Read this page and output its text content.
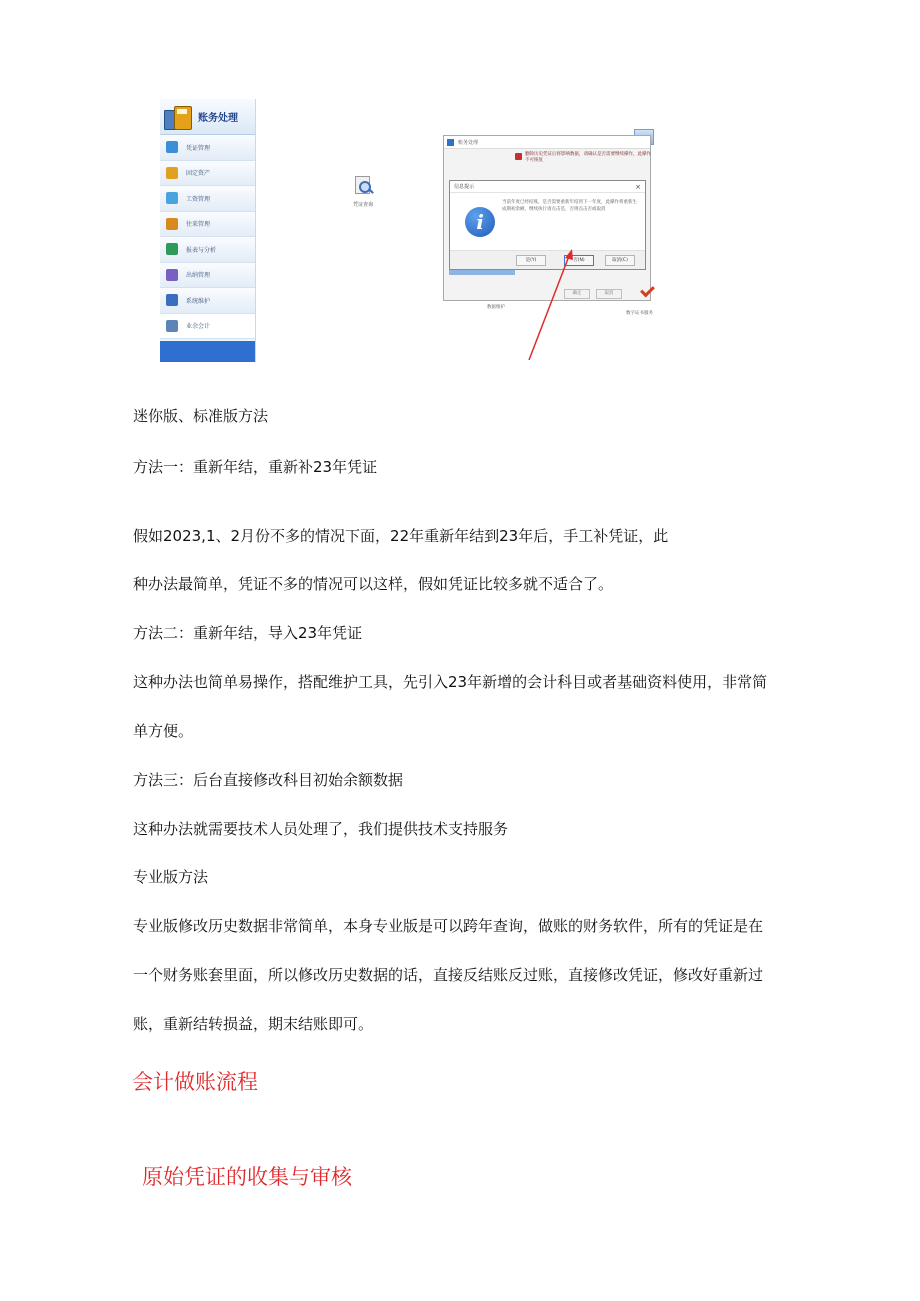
账务处理
凭证管理
固定资产
工资管理
往来管理
报表与分析
出纳管理
系统维护
业余会计
凭证查询
账务处理
删除历史凭证后将影响数据，请确认是否需要继续操作，此操作不可恢复
信息提示	×
i
当前年度已经结账，是否需要重新年结到下一年度，此操作将重新生成期初余额，继续执行请点击是，否则点击否或取消
是(Y)	否(N)	取消(C)
确定	取消
数据维护
数字证书服务
迷你版、标准版方法
方法一：重新年结，重新补23年凭证
假如2023,1、2月份不多的情况下面，22年重新年结到23年后，手工补凭证，此
种办法最简单，凭证不多的情况可以这样，假如凭证比较多就不适合了。
方法二：重新年结，导入23年凭证
这种办法也简单易操作，搭配维护工具，先引入23年新增的会计科目或者基础资料使用，非常简
单方便。
方法三：后台直接修改科目初始余额数据
这种办法就需要技术人员处理了，我们提供技术支持服务
专业版方法
专业版修改历史数据非常简单，本身专业版是可以跨年查询，做账的财务软件，所有的凭证是在
一个财务账套里面，所以修改历史数据的话，直接反结账反过账，直接修改凭证，修改好重新过
账，重新结转损益，期末结账即可。
会计做账流程
原始凭证的收集与审核
